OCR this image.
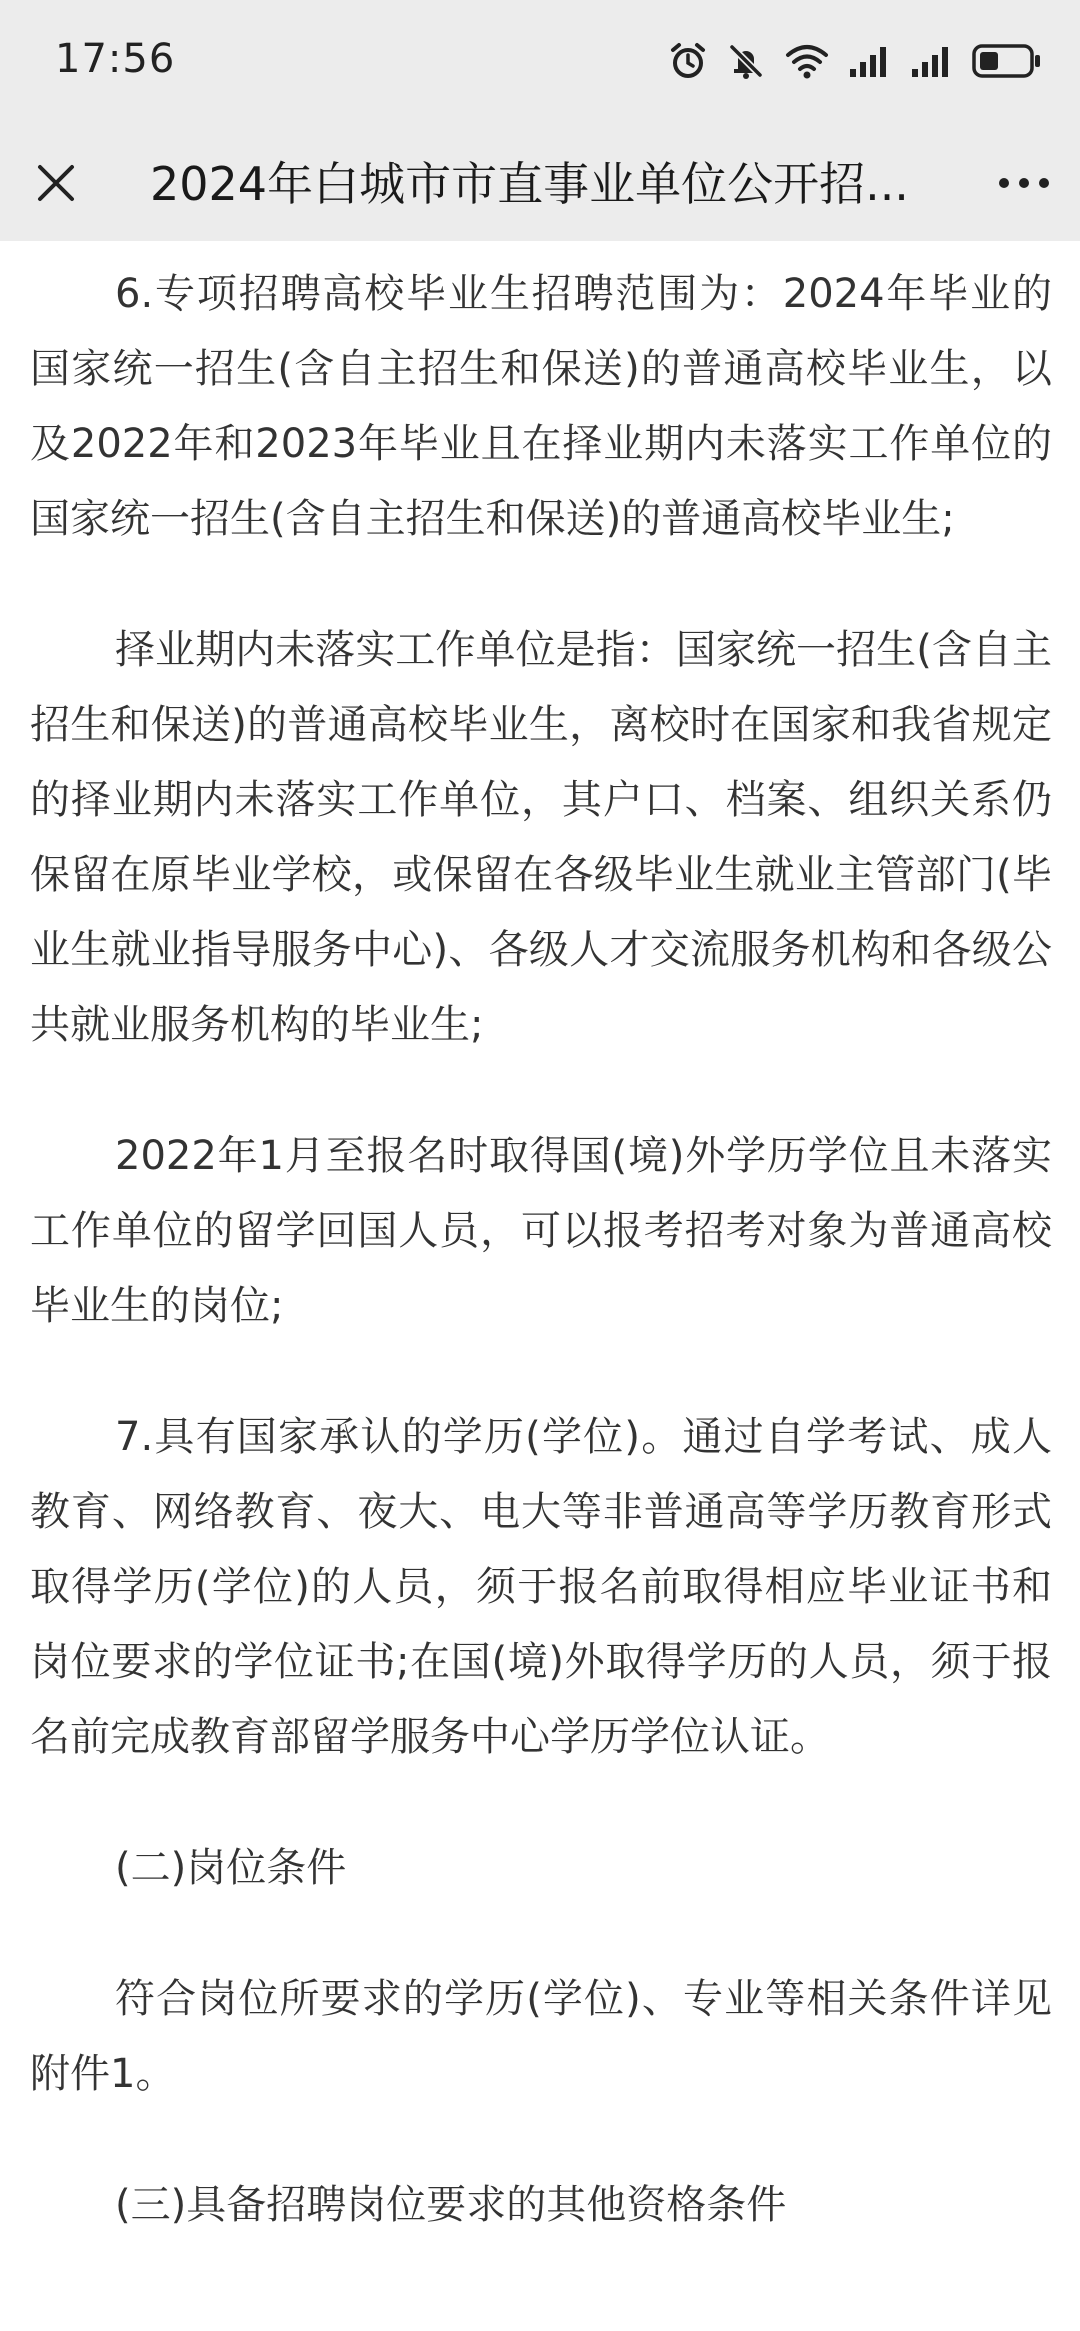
17:56
2024年白城市市直事业单位公开招...

6.专项招聘高校毕业生招聘范围为：2024年毕业的国家统一招生(含自主招生和保送)的普通高校毕业生，以及2022年和2023年毕业且在择业期内未落实工作单位的国家统一招生(含自主招生和保送)的普通高校毕业生;

择业期内未落实工作单位是指：国家统一招生(含自主招生和保送)的普通高校毕业生，离校时在国家和我省规定的择业期内未落实工作单位，其户口、档案、组织关系仍保留在原毕业学校，或保留在各级毕业生就业主管部门(毕业生就业指导服务中心)、各级人才交流服务机构和各级公共就业服务机构的毕业生;

2022年1月至报名时取得国(境)外学历学位且未落实工作单位的留学回国人员，可以报考招考对象为普通高校毕业生的岗位;

7.具有国家承认的学历(学位)。通过自学考试、成人教育、网络教育、夜大、电大等非普通高等学历教育形式取得学历(学位)的人员，须于报名前取得相应毕业证书和岗位要求的学位证书;在国(境)外取得学历的人员，须于报名前完成教育部留学服务中心学历学位认证。

(二)岗位条件

符合岗位所要求的学历(学位)、专业等相关条件详见附件1。

(三)具备招聘岗位要求的其他资格条件
